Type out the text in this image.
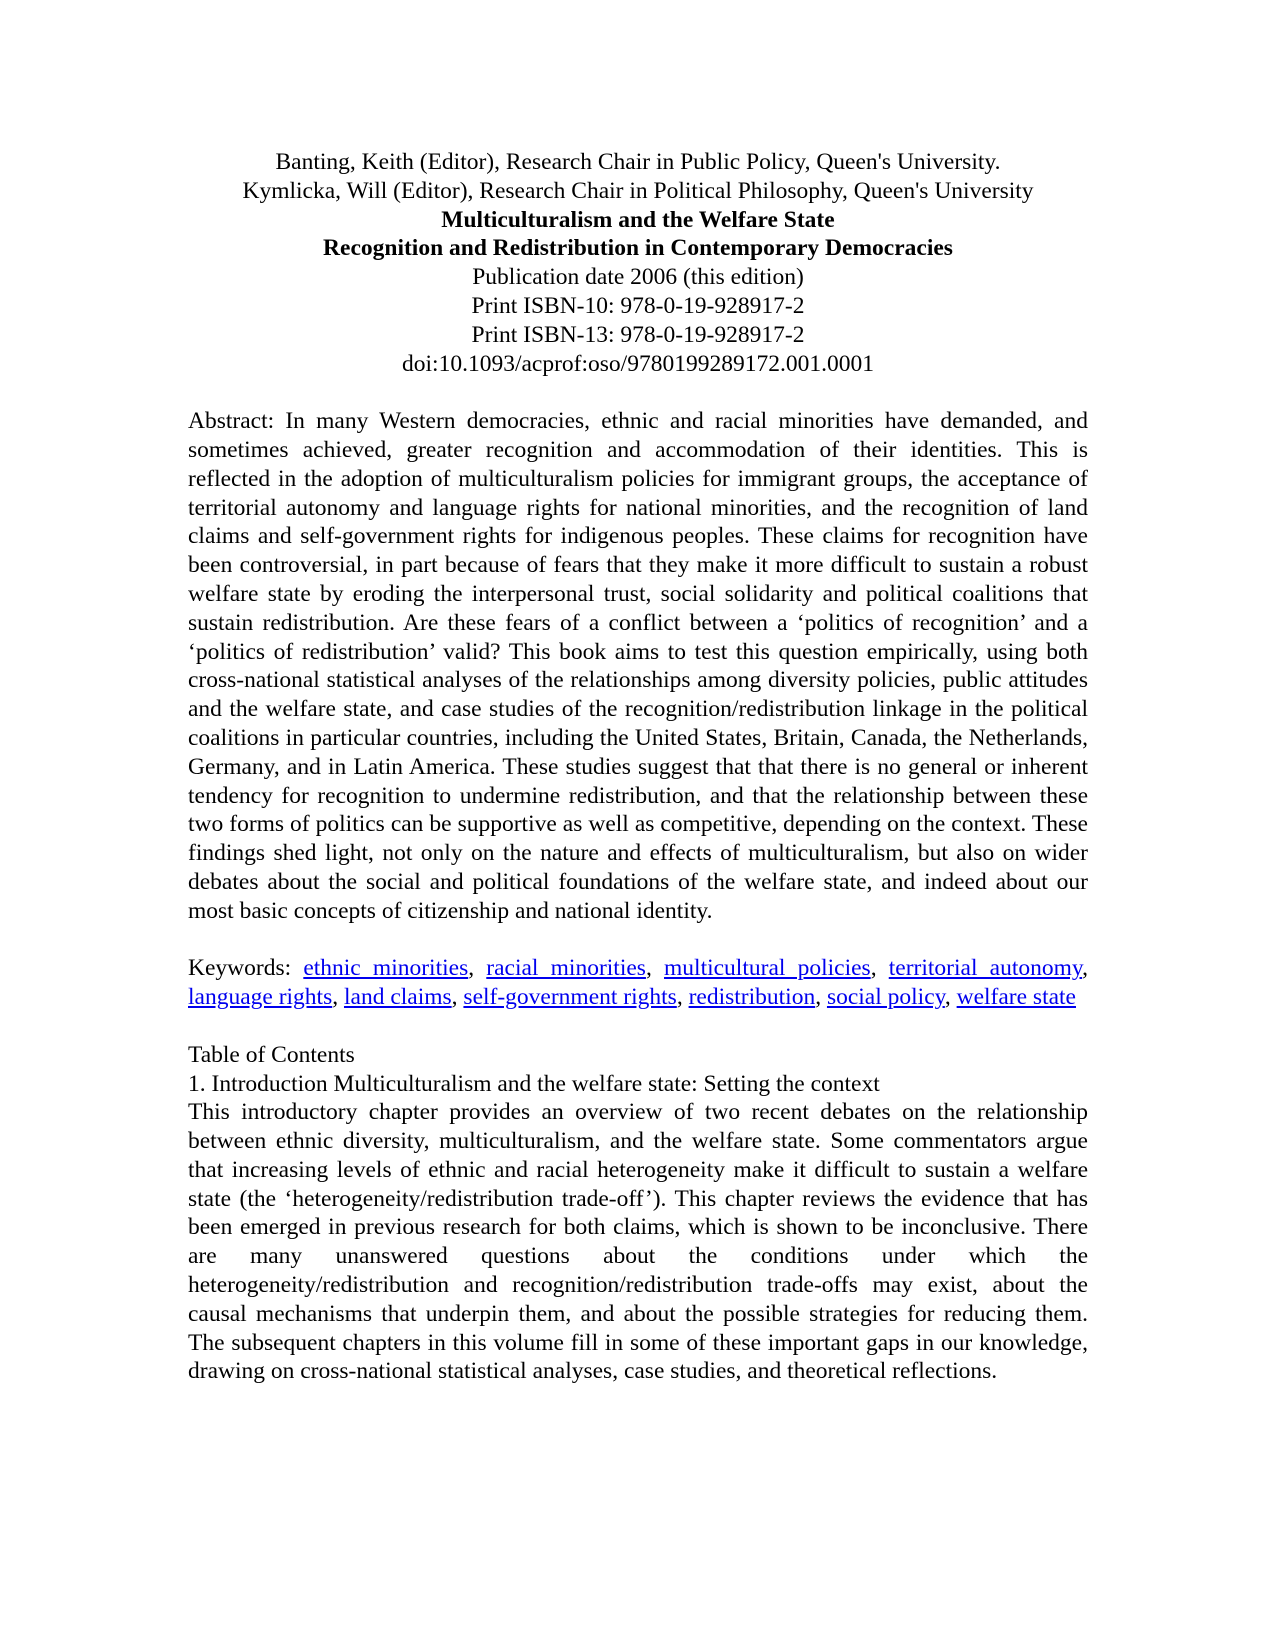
Banting, Keith (Editor), Research Chair in Public Policy, Queen's University.
Kymlicka, Will (Editor), Research Chair in Political Philosophy, Queen's University
Multiculturalism and the Welfare State
Recognition and Redistribution in Contemporary Democracies
Publication date 2006 (this edition)
Print ISBN-10: 978-0-19-928917-2
Print ISBN-13: 978-0-19-928917-2
doi:10.1093/acprof:oso/9780199289172.001.0001
Abstract: In many Western democracies, ethnic and racial minorities have demanded, and sometimes achieved, greater recognition and accommodation of their identities. This is reflected in the adoption of multiculturalism policies for immigrant groups, the acceptance of territorial autonomy and language rights for national minorities, and the recognition of land claims and self-government rights for indigenous peoples. These claims for recognition have been controversial, in part because of fears that they make it more difficult to sustain a robust welfare state by eroding the interpersonal trust, social solidarity and political coalitions that sustain redistribution. Are these fears of a conflict between a ‘politics of recognition’ and a ‘politics of redistribution’ valid? This book aims to test this question empirically, using both cross-national statistical analyses of the relationships among diversity policies, public attitudes and the welfare state, and case studies of the recognition/redistribution linkage in the political coalitions in particular countries, including the United States, Britain, Canada, the Netherlands, Germany, and in Latin America. These studies suggest that that there is no general or inherent tendency for recognition to undermine redistribution, and that the relationship between these two forms of politics can be supportive as well as competitive, depending on the context. These findings shed light, not only on the nature and effects of multiculturalism, but also on wider debates about the social and political foundations of the welfare state, and indeed about our most basic concepts of citizenship and national identity.
Keywords: ethnic minorities, racial minorities, multicultural policies, territorial autonomy, language rights, land claims, self-government rights, redistribution, social policy, welfare state
Table of Contents
1. Introduction Multiculturalism and the welfare state: Setting the context
This introductory chapter provides an overview of two recent debates on the relationship between ethnic diversity, multiculturalism, and the welfare state. Some commentators argue that increasing levels of ethnic and racial heterogeneity make it difficult to sustain a welfare state (the ‘heterogeneity/redistribution trade-off’). This chapter reviews the evidence that has been emerged in previous research for both claims, which is shown to be inconclusive. There are many unanswered questions about the conditions under which the heterogeneity/redistribution and recognition/redistribution trade-offs may exist, about the causal mechanisms that underpin them, and about the possible strategies for reducing them. The subsequent chapters in this volume fill in some of these important gaps in our knowledge, drawing on cross-national statistical analyses, case studies, and theoretical reflections.
